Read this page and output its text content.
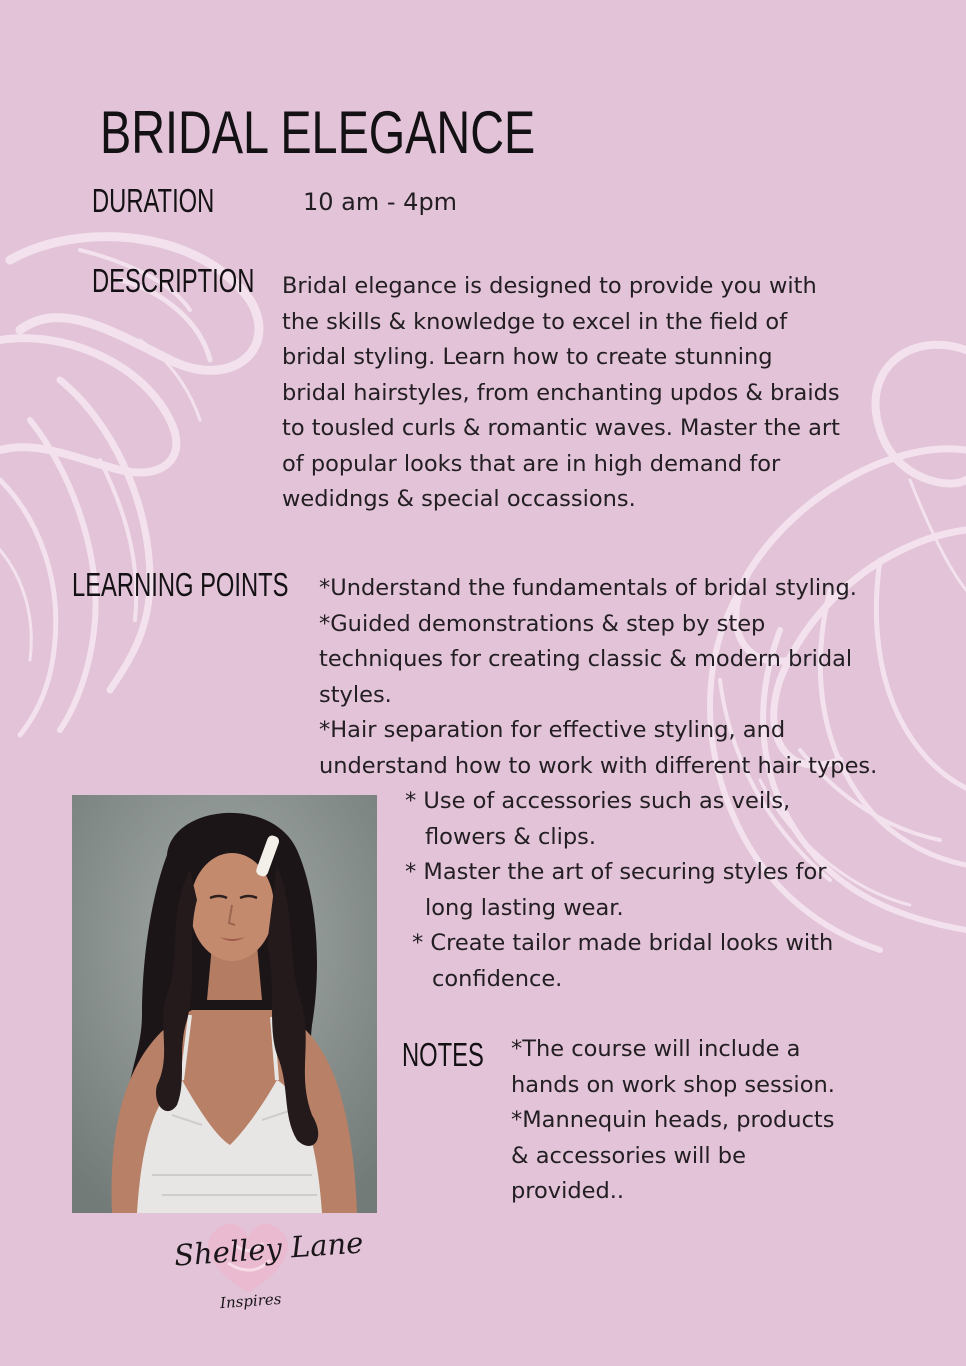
BRIDAL ELEGANCE
DURATION	10 am - 4pm
DESCRIPTION Bridal elegance is designed to provide you with
the skills & knowledge to excel in the field of
bridal styling. Learn how to create stunning
bridal hairstyles, from enchanting updos & braids
to tousled curls & romantic waves. Master the art
of popular looks that are in high demand for
wedidngs & special occassions.
LEARNING POINTS *Understand the fundamentals of bridal styling.
*Guided demonstrations & step by step
techniques for creating classic & modern bridal
styles.
*Hair separation for effective styling, and
understand how to work with different hair types.
* Use of accessories such as veils,
flowers & clips.
* Master the art of securing styles for
long lasting wear.
* Create tailor made bridal looks with
confidence.
NOTES *The course will include a
hands on work shop session.
*Mannequin heads, products
& accessories will be
provided..
Shelley Lane
Inspires
